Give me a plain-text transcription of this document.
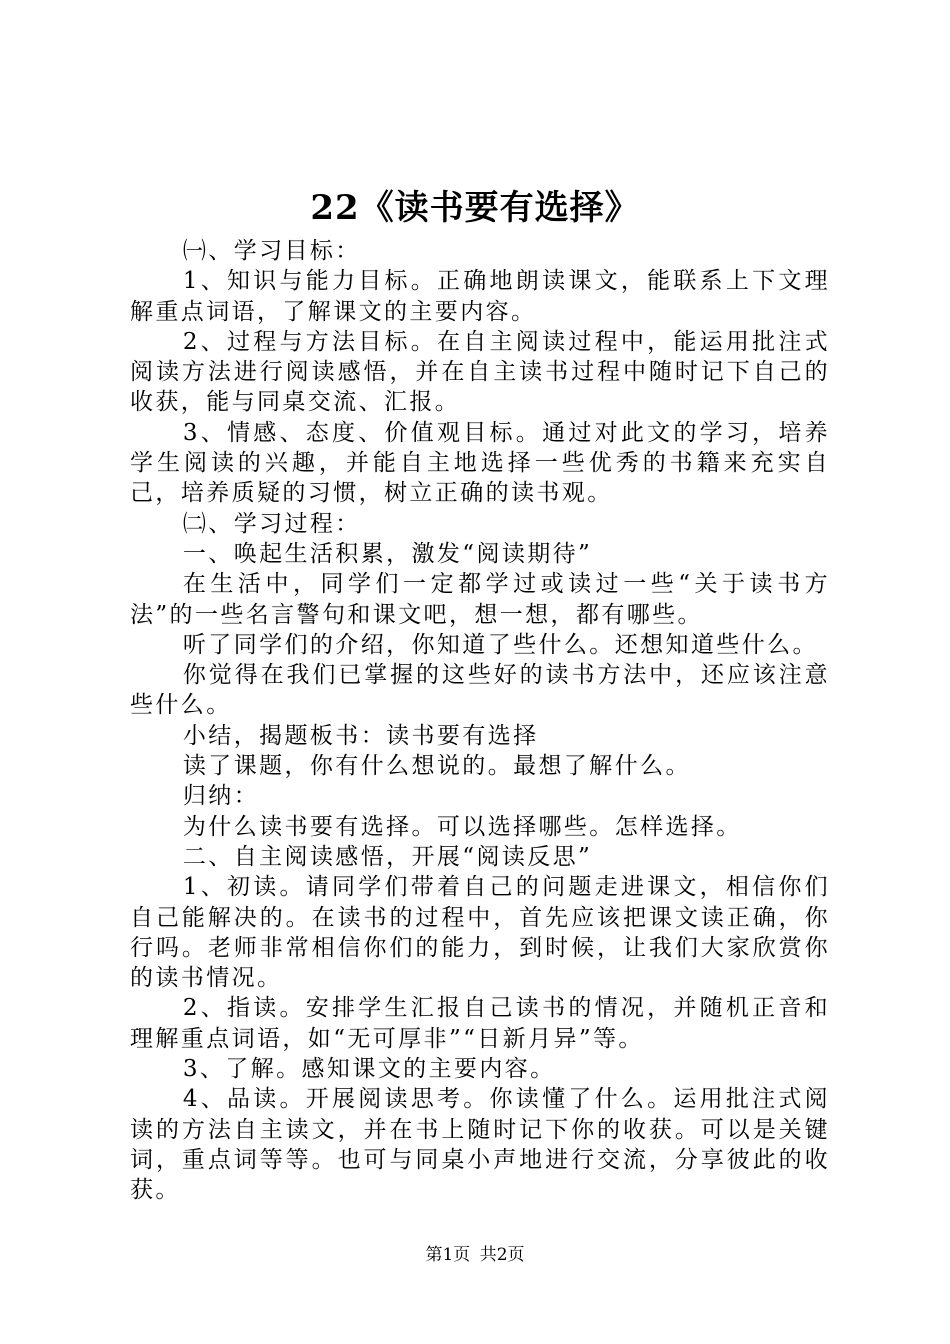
22《读书要有选择》

㈠、学习目标：

1、知识与能力目标。正确地朗读课文，能联系上下文理解重点词语，了解课文的主要内容。

2、过程与方法目标。在自主阅读过程中，能运用批注式阅读方法进行阅读感悟，并在自主读书过程中随时记下自己的收获，能与同桌交流、汇报。

3、情感、态度、价值观目标。通过对此文的学习，培养学生阅读的兴趣，并能自主地选择一些优秀的书籍来充实自己，培养质疑的习惯，树立正确的读书观。

㈡、学习过程：

一、唤起生活积累，激发“阅读期待”

在生活中，同学们一定都学过或读过一些“关于读书方法”的一些名言警句和课文吧，想一想，都有哪些。

听了同学们的介绍，你知道了些什么。还想知道些什么。

你觉得在我们已掌握的这些好的读书方法中，还应该注意些什么。

小结，揭题板书：读书要有选择

读了课题，你有什么想说的。最想了解什么。

归纳：

为什么读书要有选择。可以选择哪些。怎样选择。

二、自主阅读感悟，开展“阅读反思”

1、初读。请同学们带着自己的问题走进课文，相信你们自己能解决的。在读书的过程中，首先应该把课文读正确，你行吗。老师非常相信你们的能力，到时候，让我们大家欣赏你的读书情况。

2、指读。安排学生汇报自己读书的情况，并随机正音和理解重点词语，如“无可厚非”“日新月异”等。

3、了解。感知课文的主要内容。

4、品读。开展阅读思考。你读懂了什么。运用批注式阅读的方法自主读文，并在书上随时记下你的收获。可以是关键词，重点词等等。也可与同桌小声地进行交流，分享彼此的收获。

第1页 共2页
